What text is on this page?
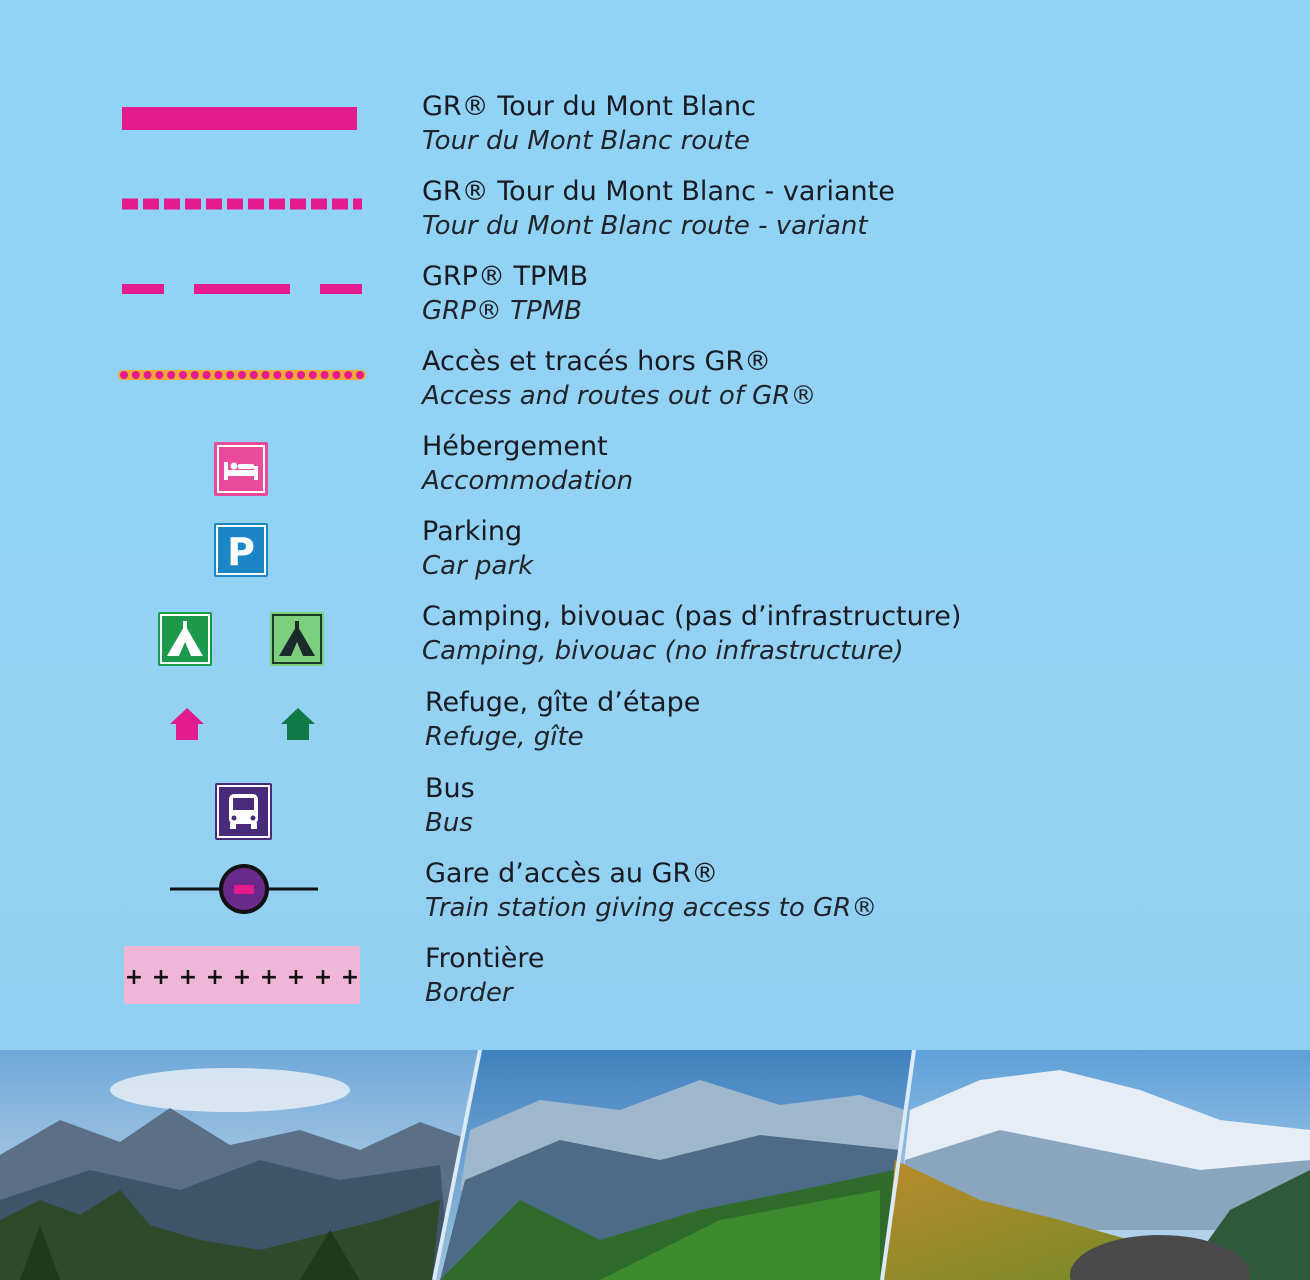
GR® Tour du Mont Blanc
Tour du Mont Blanc route
GR® Tour du Mont Blanc - variante
Tour du Mont Blanc route - variant
GRP® TPMB
GRP® TPMB
Accès et tracés hors GR®
Access and routes out of GR®
Hébergement
Accommodation
P	Parking
Car park
Camping, bivouac (pas d’infrastructure)
Camping, bivouac (no infrastructure)
Refuge, gîte d’étape
Refuge, gîte
Bus
Bus
Gare d’accès au GR®
Train station giving access to GR®
+ + + + + + + + +
Frontière
Border
